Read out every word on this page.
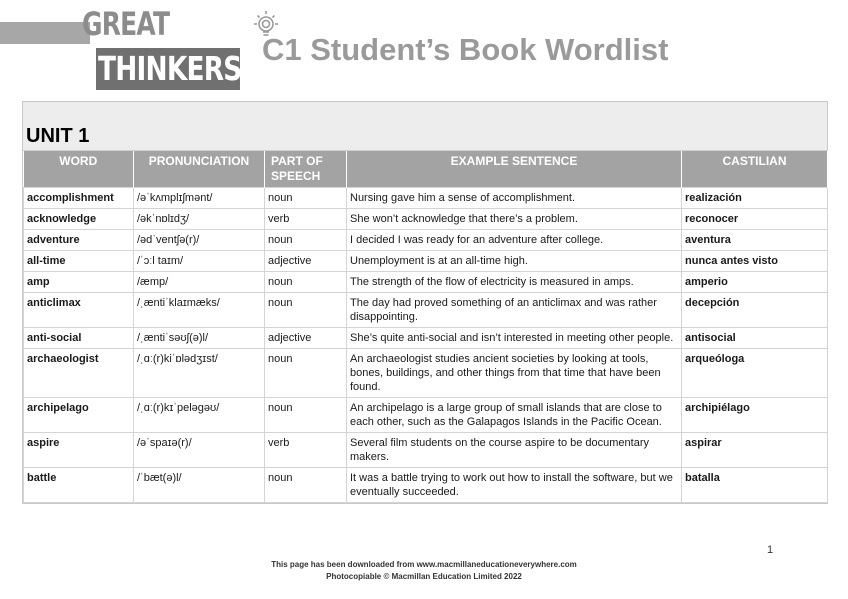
GREAT
THINKERS C1 Student’s Book Wordlist
UNIT 1
WORD	PRONUNCIATION	PART OF SPEECH	EXAMPLE SENTENCE	CASTILIAN
accomplishment	/əˈkʌmplɪʃmənt/	noun	Nursing gave him a sense of accomplishment.	realización
acknowledge	/əkˈnɒlɪdʒ/	verb	She won’t acknowledge that there’s a problem.	reconocer
adventure	/ədˈventʃə(r)/	noun	I decided I was ready for an adventure after college.	aventura
all-time	/ˈɔːl taɪm/	adjective	Unemployment is at an all-time high.	nunca antes visto
amp	/æmp/	noun	The strength of the flow of electricity is measured in amps.	amperio
anticlimax	/ˌæntiˈklaɪmæks/	noun	The day had proved something of an anticlimax and was rather disappointing.	decepción
anti-social	/ˌæntiˈsəʊʃ(ə)l/	adjective	She’s quite anti-social and isn’t interested in meeting other people.	antisocial
archaeologist	/ˌɑː(r)kiˈɒlədʒɪst/	noun	An archaeologist studies ancient societies by looking at tools, bones, buildings, and other things from that time that have been found.	arqueóloga
archipelago	/ˌɑː(r)kɪˈpeləgəʊ/	noun	An archipelago is a large group of small islands that are close to each other, such as the Galapagos Islands in the Pacific Ocean.	archipiélago
aspire	/əˈspaɪə(r)/	verb	Several film students on the course aspire to be documentary makers.	aspirar
battle	/ˈbæt(ə)l/	noun	It was a battle trying to work out how to install the software, but we eventually succeeded.	batalla
1
This page has been downloaded from www.macmillaneducationeverywhere.com
Photocopiable © Macmillan Education Limited 2022
